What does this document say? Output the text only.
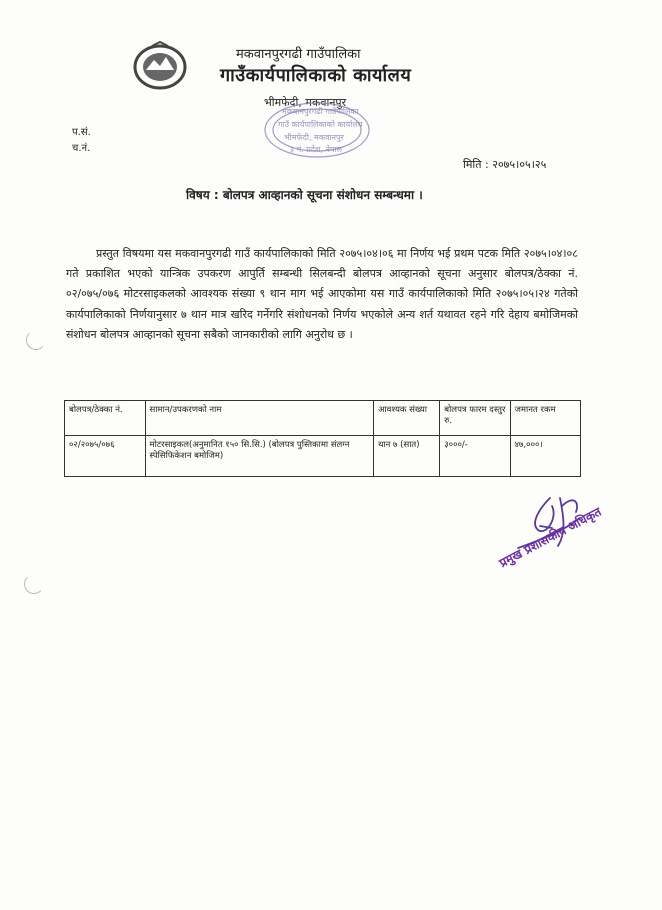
मकवानपुरगढी गाउँपालिका
गाउँकार्यपालिकाको कार्यालय
भीमफेदी, मकवानपुर
मकवानपुरगढी गाउँपालिका
गाउँ कार्यपालिकाको कार्यालय
भीमफेदी, मकवानपुर
३ नं. प्रदेश, नेपाल
प.सं.
च.नं.
मिति : २०७५।०५।२५
विषय : बोलपत्र आव्हानको सूचना संशोधन सम्बन्धमा ।

प्रस्तुत विषयमा यस मकवानपुरगढी गाउँ कार्यपालिकाको मिति २०७५।०४।०६ मा निर्णय भई प्रथम पटक मिति २०७५।०४।०८ गते प्रकाशित भएको यान्त्रिक उपकरण आपुर्ति सम्बन्धी सिलबन्दी बोलपत्र आव्हानको सूचना अनुसार बोलपत्र/ठेक्का नं. ०२/०७५/०७६ मोटरसाइकलको आवश्यक संख्या ९ थान माग भई आएकोमा यस गाउँ कार्यपालिकाको मिति २०७५।०५।२४ गतेको कार्यपालिकाको निर्णयानुसार ७ थान मात्र खरिद गर्नेगरि संशोधनको निर्णय भएकोले अन्य शर्त यथावत रहने गरि देहाय बमोजिमको संशोधन बोलपत्र आव्हानको सूचना सबैको जानकारीको लागि अनुरोध छ ।

बोलपत्र/ठेक्का नं.	सामान/उपकरणको नाम	आवश्यक संख्या	बोलपत्र फारम दस्तुर रु.	जमानत रकम
०२/२०७५/०७६	मोटरसाइकल(अनुमानित १५० सि.सि.) (बोलपत्र पुस्तिकामा संलग्न स्पेसिफिकेशन बमोजिम)	थान ७ (सात)	३०००/-	४७,०००।
प्रमुख प्रशासकीय अधिकृत
